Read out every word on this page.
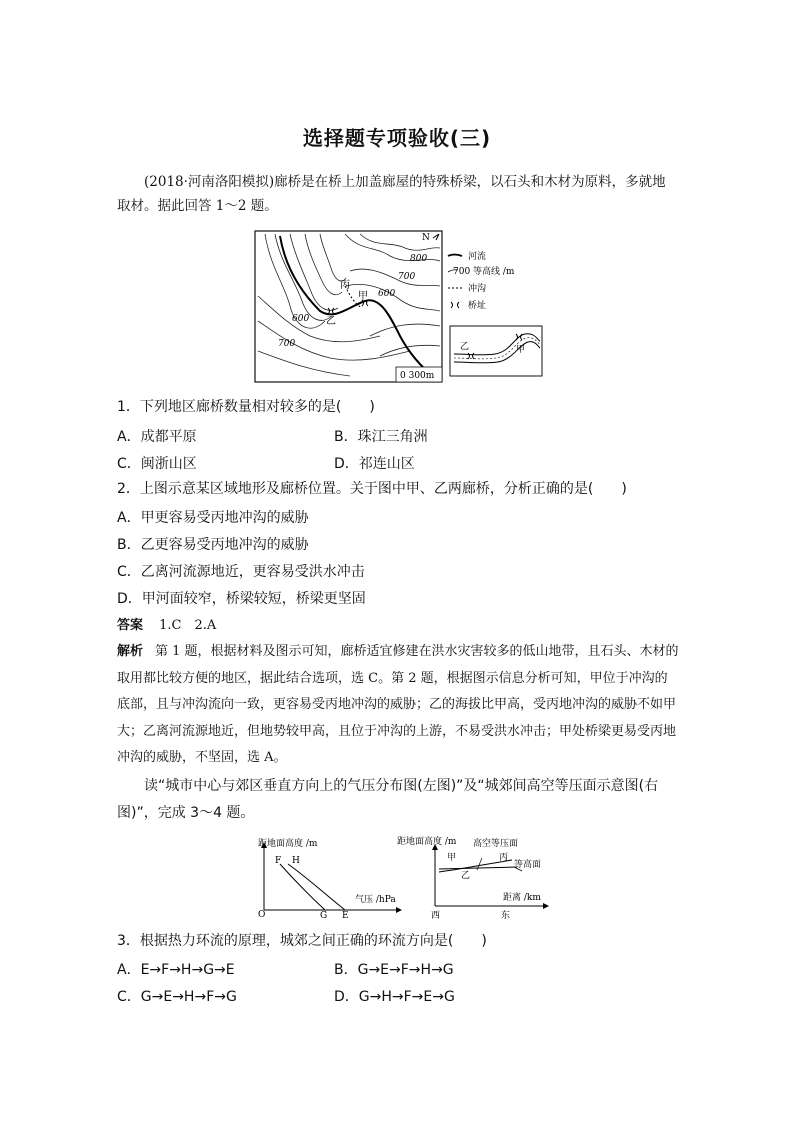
选择题专项验收(三)
(2018·河南洛阳模拟)廊桥是在桥上加盖廊屋的特殊桥梁，以石头和木材为原料，多就地取材。据此回答 1～2 题。
N
800
700
600
600
700
丙
甲
乙
0 300m
河流
700 等高线 /m
冲沟
桥址
乙	甲
1．下列地区廊桥数量相对较多的是(　　)
A．成都平原	B．珠江三角洲
C．闽浙山区	D．祁连山区
2．上图示意某区域地形及廊桥位置。关于图中甲、乙两廊桥，分析正确的是(　　)
A．甲更容易受丙地冲沟的威胁
B．乙更容易受丙地冲沟的威胁
C．乙离河流源地近，更容易受洪水冲击
D．甲河面较窄，桥梁较短，桥梁更坚固
答案 1.C　2.A
解析 第 1 题，根据材料及图示可知，廊桥适宜修建在洪水灾害较多的低山地带，且石头、木材的取用都比较方便的地区，据此结合选项，选 C。第 2 题，根据图示信息分析可知，甲位于冲沟的底部，且与冲沟流向一致，更容易受丙地冲沟的威胁；乙的海拔比甲高，受丙地冲沟的威胁不如甲大；乙离河流源地近，但地势较甲高，且位于冲沟的上游，不易受洪水冲击；甲处桥梁更易受丙地冲沟的威胁，不坚固，选 A。
读“城市中心与郊区垂直方向上的气压分布图(左图)”及“城郊间高空等压面示意图(右图)”，完成 3～4 题。
距地面高度 /m
F H
气压 /hPa
O	G E
距地面高度 /m 高空等压面
甲	丙
等高面
乙
距离 /km
西	东
3．根据热力环流的原理，城郊之间正确的环流方向是(　　)
A．E→F→H→G→E	B．G→E→F→H→G
C．G→E→H→F→G	D．G→H→F→E→G
